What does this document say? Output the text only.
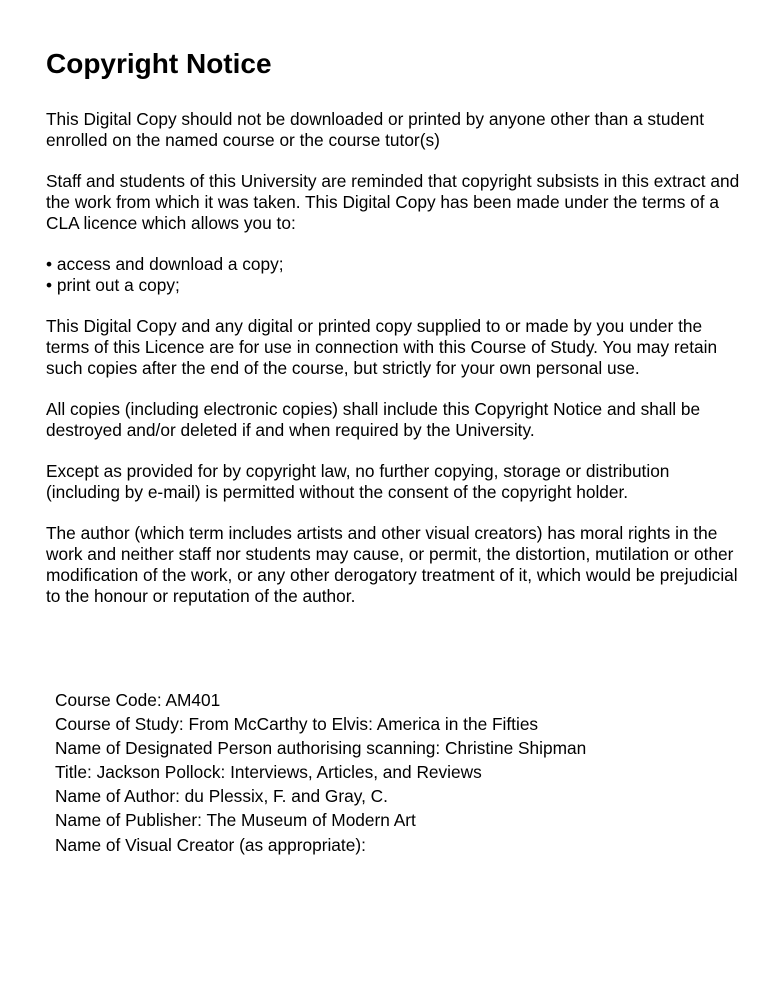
Copyright Notice

This Digital Copy should not be downloaded or printed by anyone other than a student enrolled on the named course or the course tutor(s)

Staff and students of this University are reminded that copyright subsists in this extract and the work from which it was taken. This Digital Copy has been made under the terms of a CLA licence which allows you to:

• access and download a copy;
• print out a copy;

This Digital Copy and any digital or printed copy supplied to or made by you under the terms of this Licence are for use in connection with this Course of Study. You may retain such copies after the end of the course, but strictly for your own personal use.

All copies (including electronic copies) shall include this Copyright Notice and shall be destroyed and/or deleted if and when required by the University.

Except as provided for by copyright law, no further copying, storage or distribution (including by e-mail) is permitted without the consent of the copyright holder.

The author (which term includes artists and other visual creators) has moral rights in the work and neither staff nor students may cause, or permit, the distortion, mutilation or other modification of the work, or any other derogatory treatment of it, which would be prejudicial to the honour or reputation of the author.

Course Code: AM401
Course of Study: From McCarthy to Elvis: America in the Fifties
Name of Designated Person authorising scanning: Christine Shipman
Title: Jackson Pollock: Interviews, Articles, and Reviews
Name of Author: du Plessix, F. and Gray, C.
Name of Publisher: The Museum of Modern Art
Name of Visual Creator (as appropriate):
